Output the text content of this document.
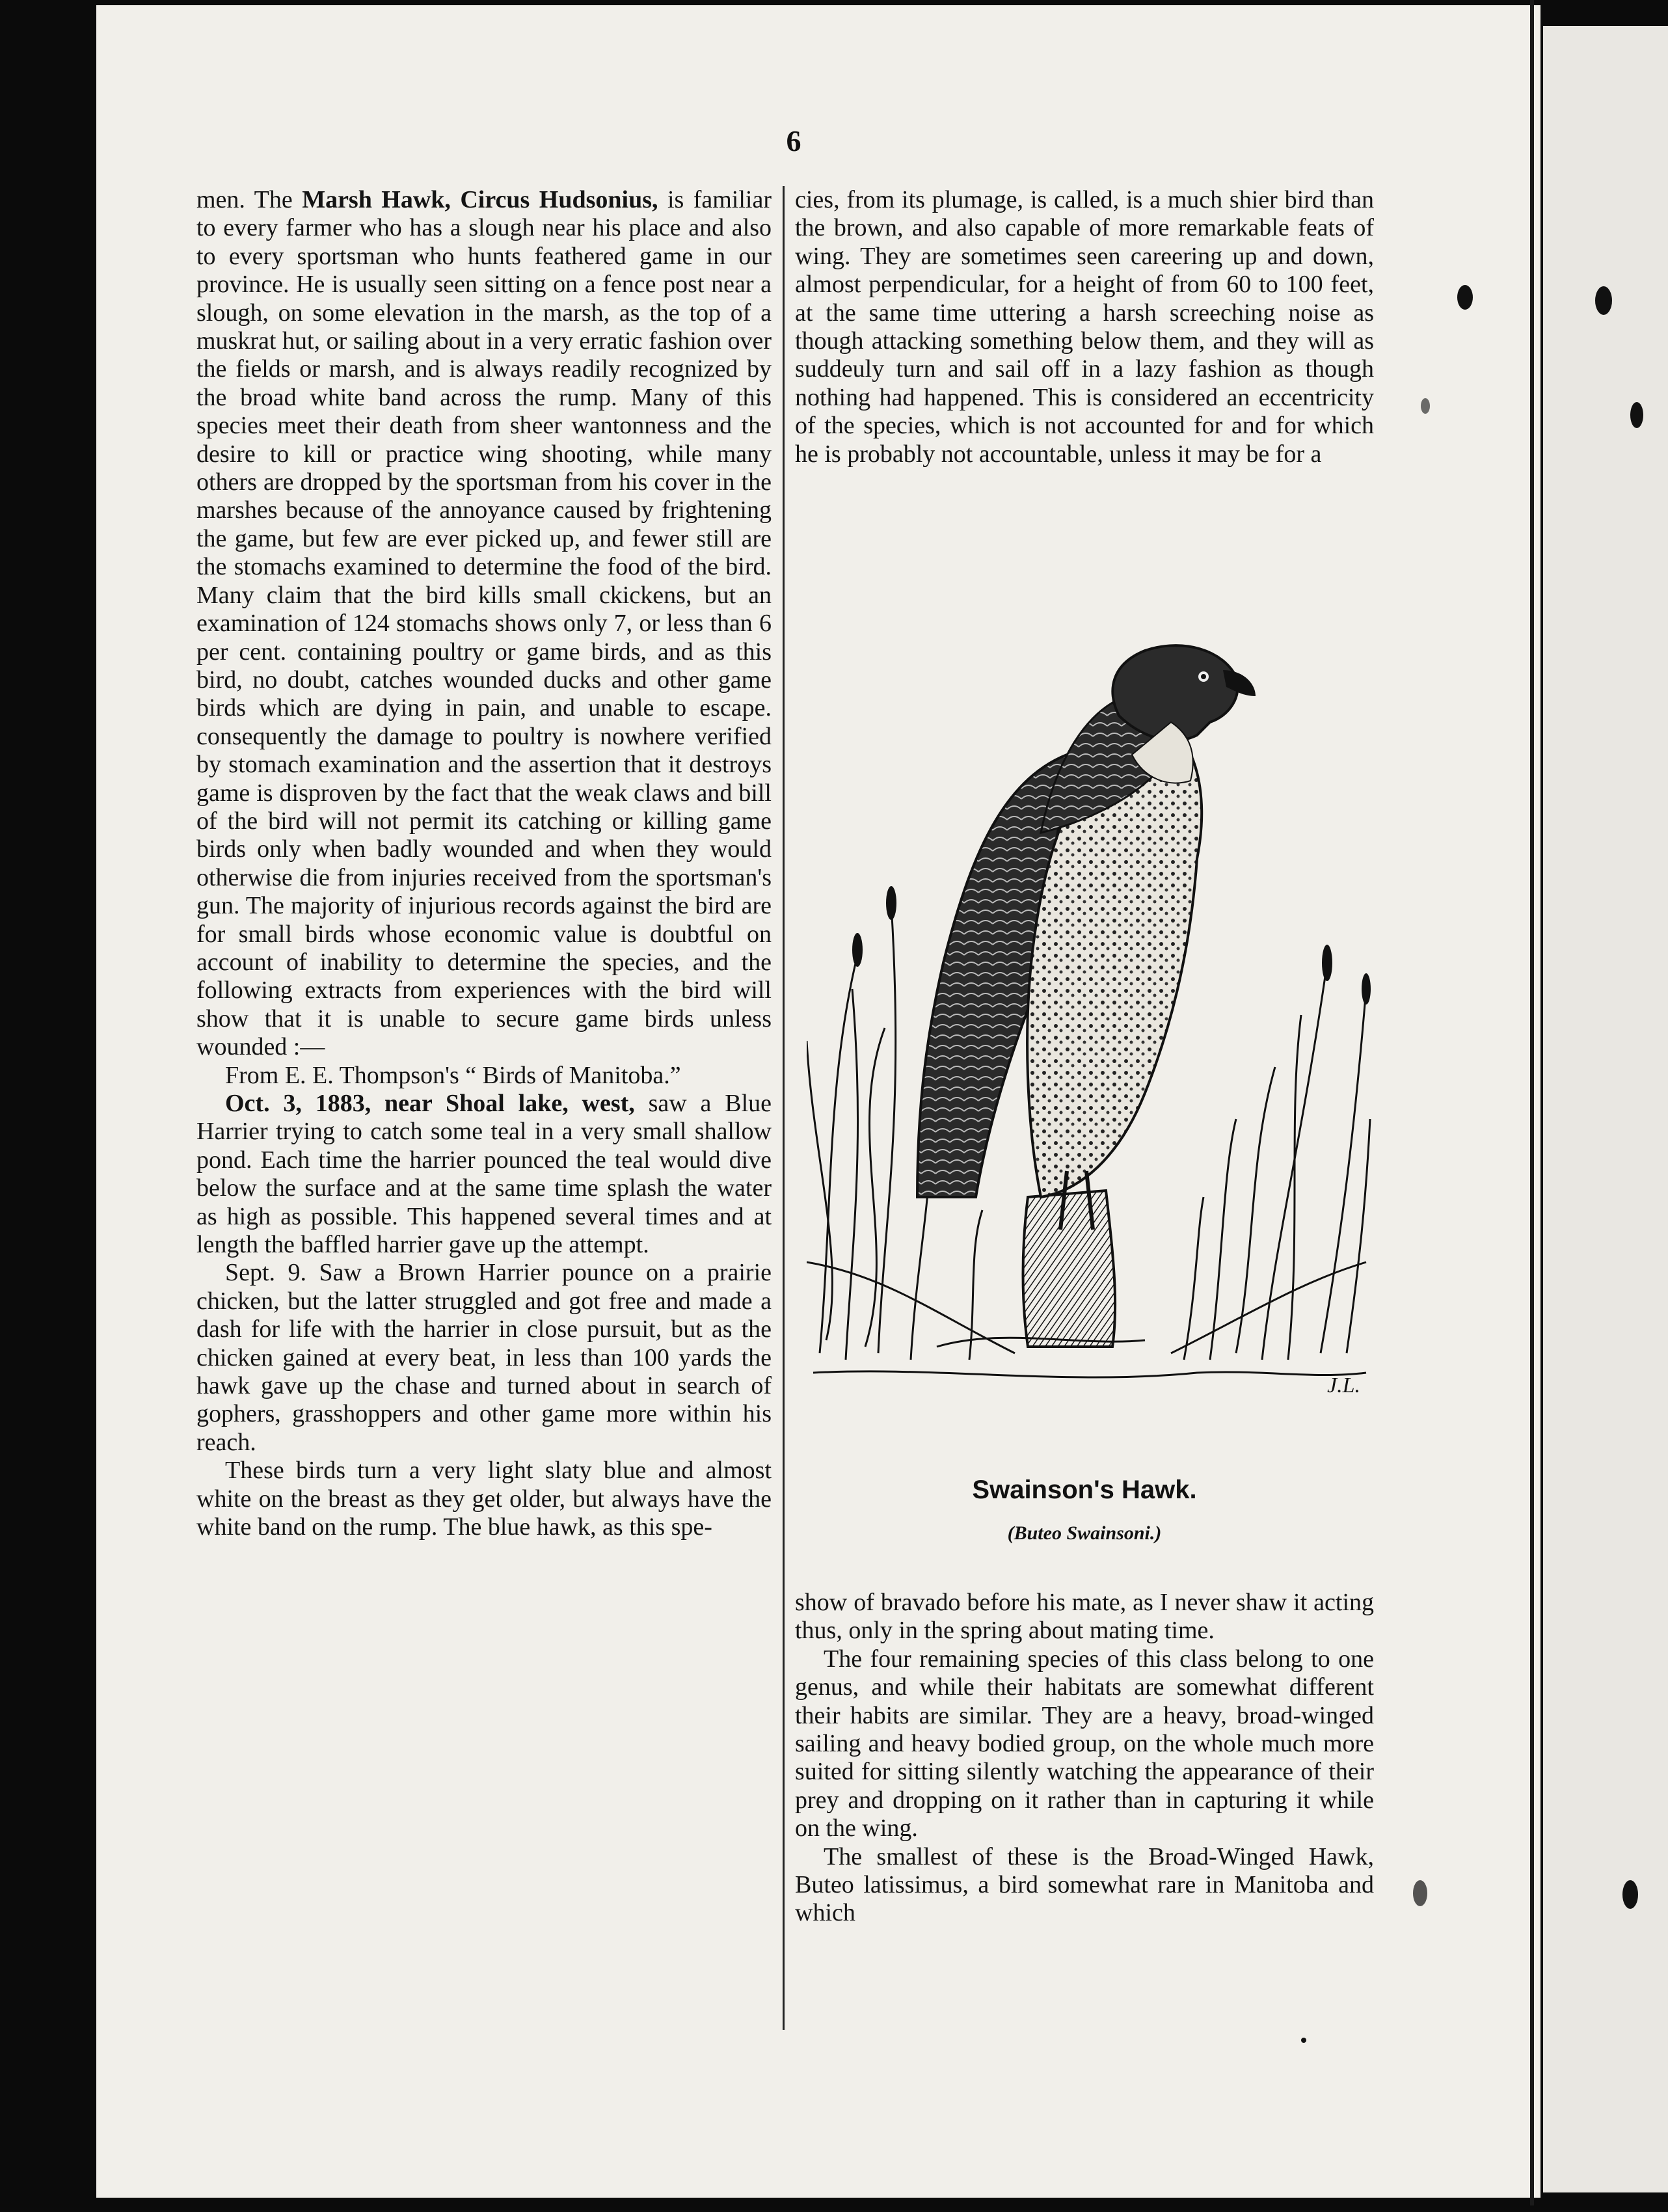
6

men. The Marsh Hawk, Circus Hudsonius, is familiar to every farmer who has a slough near his place and also to every sportsman who hunts feathered game in our province. He is usually seen sitting on a fence post near a slough, on some elevation in the marsh, as the top of a muskrat hut, or sailing about in a very erratic fashion over the fields or marsh, and is always readily recognized by the broad white band across the rump. Many of this species meet their death from sheer wantonness and the desire to kill or practice wing shooting, while many others are dropped by the sportsman from his cover in the marshes because of the annoyance caused by frightening the game, but few are ever picked up, and fewer still are the stomachs examined to determine the food of the bird. Many claim that the bird kills small ckickens, but an examination of 124 stomachs shows only 7, or less than 6 per cent. containing poultry or game birds, and as this bird, no doubt, catches wounded ducks and other game birds which are dying in pain, and unable to escape. consequently the damage to poultry is nowhere verified by stomach examination and the assertion that it destroys game is disproven by the fact that the weak claws and bill of the bird will not permit its catching or killing game birds only when badly wounded and when they would otherwise die from injuries received from the sportsman's gun. The majority of injurious records against the bird are for small birds whose economic value is doubtful on account of inability to determine the species, and the following extracts from experiences with the bird will show that it is unable to secure game birds unless wounded :—

From E. E. Thompson's “ Birds of Manitoba.”

Oct. 3, 1883, near Shoal lake, west, saw a Blue Harrier trying to catch some teal in a very small shallow pond. Each time the harrier pounced the teal would dive below the surface and at the same time splash the water as high as possible. This happened several times and at length the baffled harrier gave up the attempt.

Sept. 9. Saw a Brown Harrier pounce on a prairie chicken, but the latter struggled and got free and made a dash for life with the harrier in close pursuit, but as the chicken gained at every beat, in less than 100 yards the hawk gave up the chase and turned about in search of gophers, grasshoppers and other game more within his reach.

These birds turn a very light slaty blue and almost white on the breast as they get older, but always have the white band on the rump. The blue hawk, as this spe-

cies, from its plumage, is called, is a much shier bird than the brown, and also capable of more remarkable feats of wing. They are sometimes seen careering up and down, almost perpendicular, for a height of from 60 to 100 feet, at the same time uttering a harsh screeching noise as though attacking something below them, and they will as suddeuly turn and sail off in a lazy fashion as though nothing had happened. This is considered an eccentricity of the species, which is not accounted for and for which he is probably not accountable, unless it may be for a

show of bravado before his mate, as I never shaw it acting thus, only in the spring about mating time.

The four remaining species of this class belong to one genus, and while their habitats are somewhat different their habits are similar. They are a heavy, broad-winged sailing and heavy bodied group, on the whole much more suited for sitting silently watching the appearance of their prey and dropping on it rather than in capturing it while on the wing.

The smallest of these is the Broad-Winged Hawk, Buteo latissimus, a bird somewhat rare in Manitoba and which

J.L.
Swainson's Hawk.
(Buteo Swainsoni.)
